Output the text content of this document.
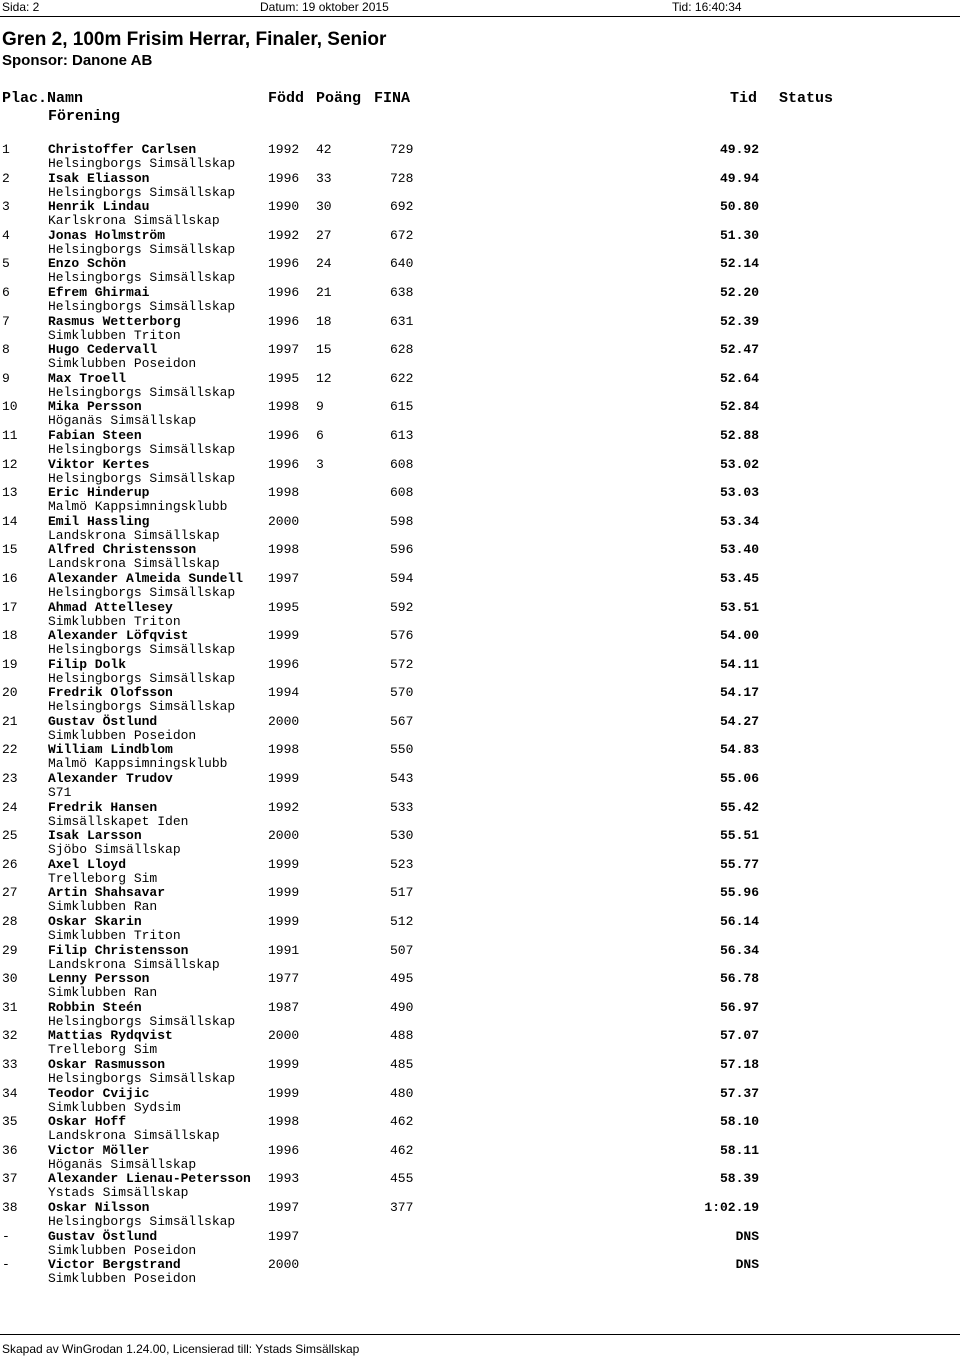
Sida: 2	Datum: 19 oktober 2015	Tid: 16:40:34
Gren 2, 100m Frisim Herrar, Finaler, Senior
Sponsor: Danone AB
Plac.Namn
Förening
Född Poäng FINA	Tid Status
1	Christoffer Carlsen
Helsingborgs Simsällskap
1992 42	729	49.92
2	Isak Eliasson
Helsingborgs Simsällskap
1996 33	728	49.94
3	Henrik Lindau
Karlskrona Simsällskap
1990 30	692	50.80
4	Jonas Holmström
Helsingborgs Simsällskap
1992 27	672	51.30
5	Enzo Schön
Helsingborgs Simsällskap
1996 24	640	52.14
6	Efrem Ghirmai
Helsingborgs Simsällskap
1996 21	638	52.20
7	Rasmus Wetterborg
Simklubben Triton
1996 18	631	52.39
8	Hugo Cedervall
Simklubben Poseidon
1997 15	628	52.47
9	Max Troell
Helsingborgs Simsällskap
1995 12	622	52.64
10 Mika Persson
Höganäs Simsällskap
1998 9	615	52.84
11 Fabian Steen
Helsingborgs Simsällskap
1996 6	613	52.88
12 Viktor Kertes
Helsingborgs Simsällskap
1996 3	608	53.02
13 Eric Hinderup
Malmö Kappsimningsklubb
1998	608	53.03
14 Emil Hassling
Landskrona Simsällskap
2000	598	53.34
15 Alfred Christensson
Landskrona Simsällskap
1998	596	53.40
16 Alexander Almeida Sundell
Helsingborgs Simsällskap
1997	594	53.45
17 Ahmad Attellesey
Simklubben Triton
1995	592	53.51
18 Alexander Löfqvist
Helsingborgs Simsällskap
1999	576	54.00
19 Filip Dolk
Helsingborgs Simsällskap
1996	572	54.11
20 Fredrik Olofsson
Helsingborgs Simsällskap
1994	570	54.17
21 Gustav Östlund
Simklubben Poseidon
2000	567	54.27
22 William Lindblom
Malmö Kappsimningsklubb
1998	550	54.83
23 Alexander Trudov
S71
1999	543	55.06
24 Fredrik Hansen
Simsällskapet Iden
1992	533	55.42
25 Isak Larsson
Sjöbo Simsällskap
2000	530	55.51
26 Axel Lloyd
Trelleborg Sim
1999	523	55.77
27 Artin Shahsavar
Simklubben Ran
1999	517	55.96
28 Oskar Skarin
Simklubben Triton
1999	512	56.14
29 Filip Christensson
Landskrona Simsällskap
1991	507	56.34
30 Lenny Persson
Simklubben Ran
1977	495	56.78
31 Robbin Steén
Helsingborgs Simsällskap
1987	490	56.97
32 Mattias Rydqvist
Trelleborg Sim
2000	488	57.07
33 Oskar Rasmusson
Helsingborgs Simsällskap
1999	485	57.18
34 Teodor Cvijic
Simklubben Sydsim
1999	480	57.37
35 Oskar Hoff
Landskrona Simsällskap
1998	462	58.10
36 Victor Möller
Höganäs Simsällskap
1996	462	58.11
37 Alexander Lienau-Petersson
Ystads Simsällskap
1993	455	58.39
38 Oskar Nilsson
Helsingborgs Simsällskap
1997	377	1:02.19
-	Gustav Östlund
Simklubben Poseidon
1997	DNS
-	Victor Bergstrand
Simklubben Poseidon
2000	DNS
Skapad av WinGrodan 1.24.00, Licensierad till: Ystads Simsällskap
